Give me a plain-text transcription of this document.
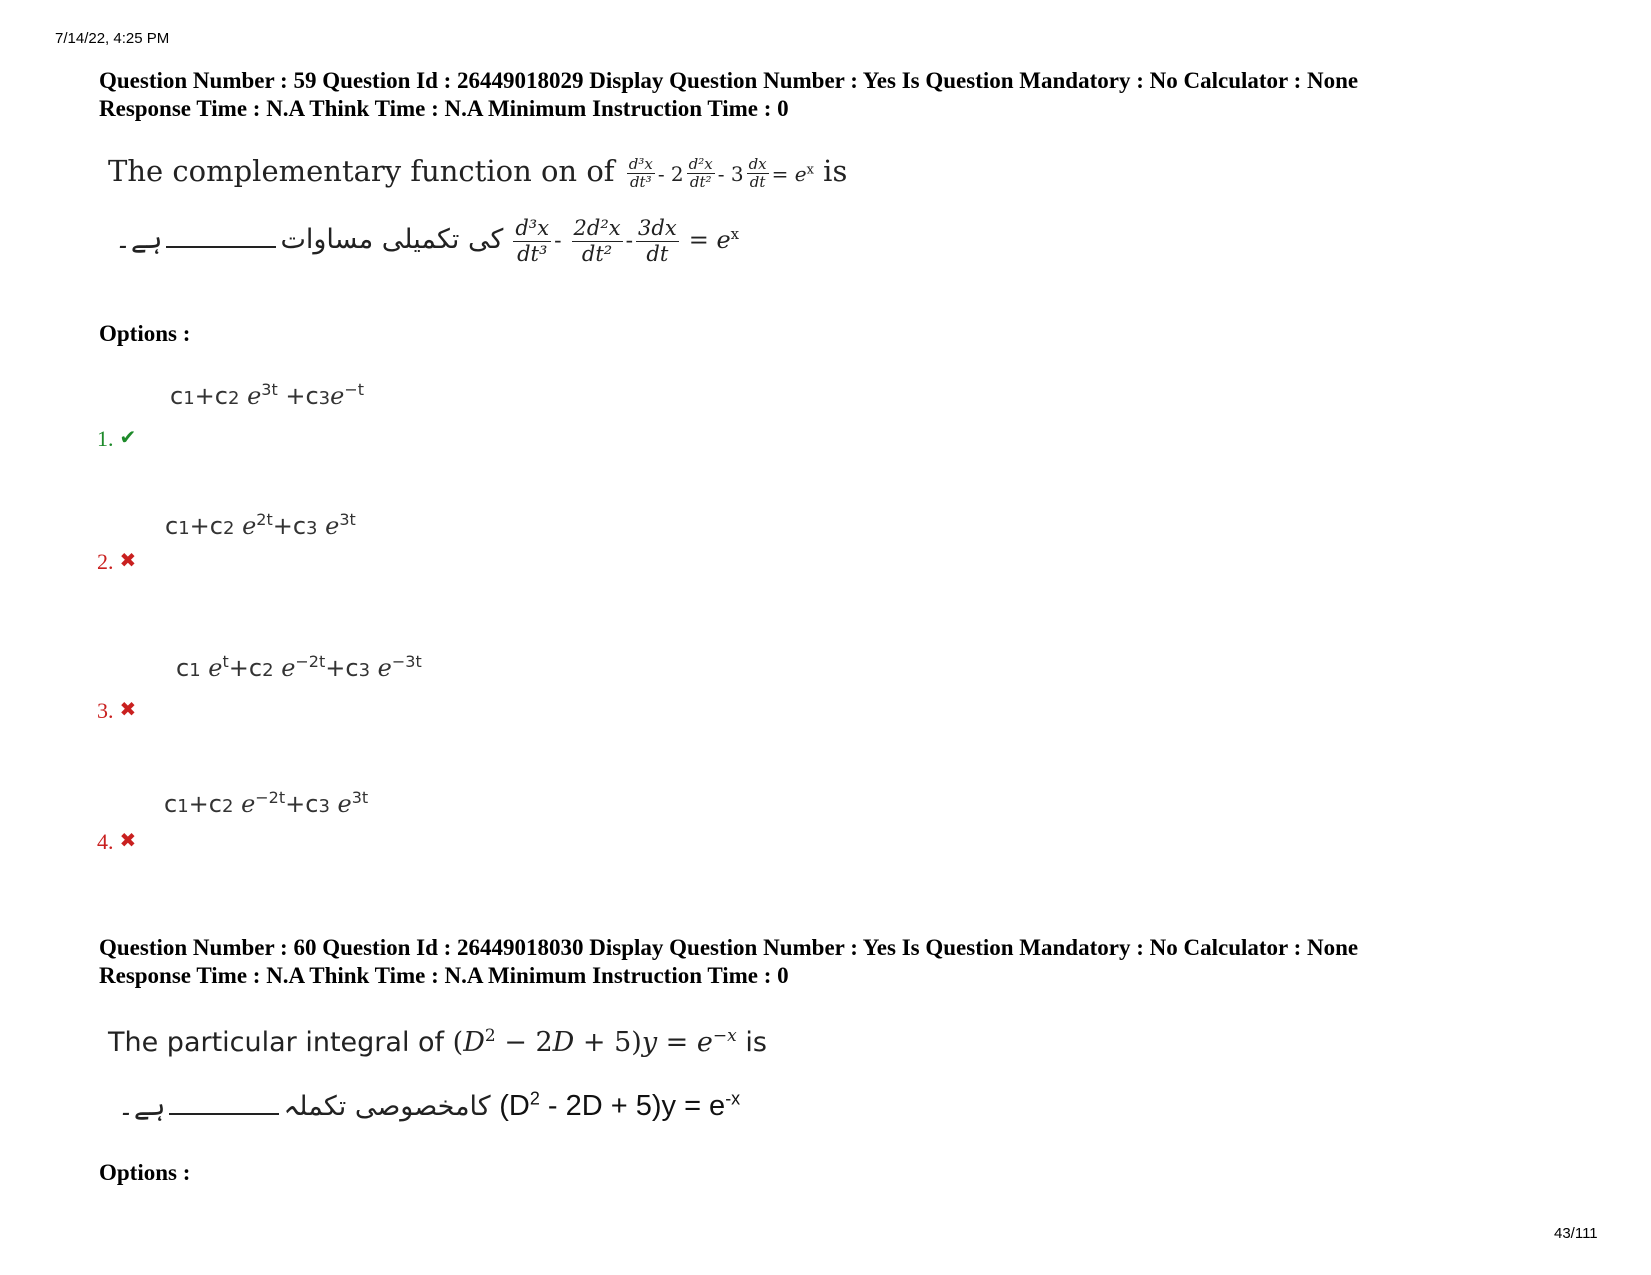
7/14/22, 4:25 PM
Question Number : 59 Question Id : 26449018029 Display Question Number : Yes Is Question Mandatory : No Calculator : None
Response Time : N.A Think Time : N.A Minimum Instruction Time : 0
The complementary function on of $\frac{\text{d³x}}{\text{dt³}} - 2 \frac{\text{d²x}}{\text{dt²}} - 3 \frac{dx}{dt} = e^x$ is
ہے۔	کی تکمیلی مساوات $\frac{\text{d³x}}{\text{dt³}} - \frac{\text{2d²x}}{\text{dt²}} - \frac{3dx}{dt} = e^x$
Options :
c1+c2 $e^{3t} +c3e^{-t}$
1. ✔
c1+c2 $e^{2t}+c3$ $e^{3t}$
2. ✖
c1 $e^t+c2$ $e^{-2t}+c3$ $e^{-3t}$
3. ✖
c1+c2 $e^{-2t}+c3$ $e^{3t}$
4. ✖
Question Number : 60 Question Id : 26449018030 Display Question Number : Yes Is Question Mandatory : No Calculator : None
Response Time : N.A Think Time : N.A Minimum Instruction Time : 0
The particular integral of $(D^2 - 2D + 5)y = e^{-x}$ is
ہے۔	کامخصوصی تکملہ $(D^2 - 2D + 5)y = e^{-x}$
Options :
43/111
